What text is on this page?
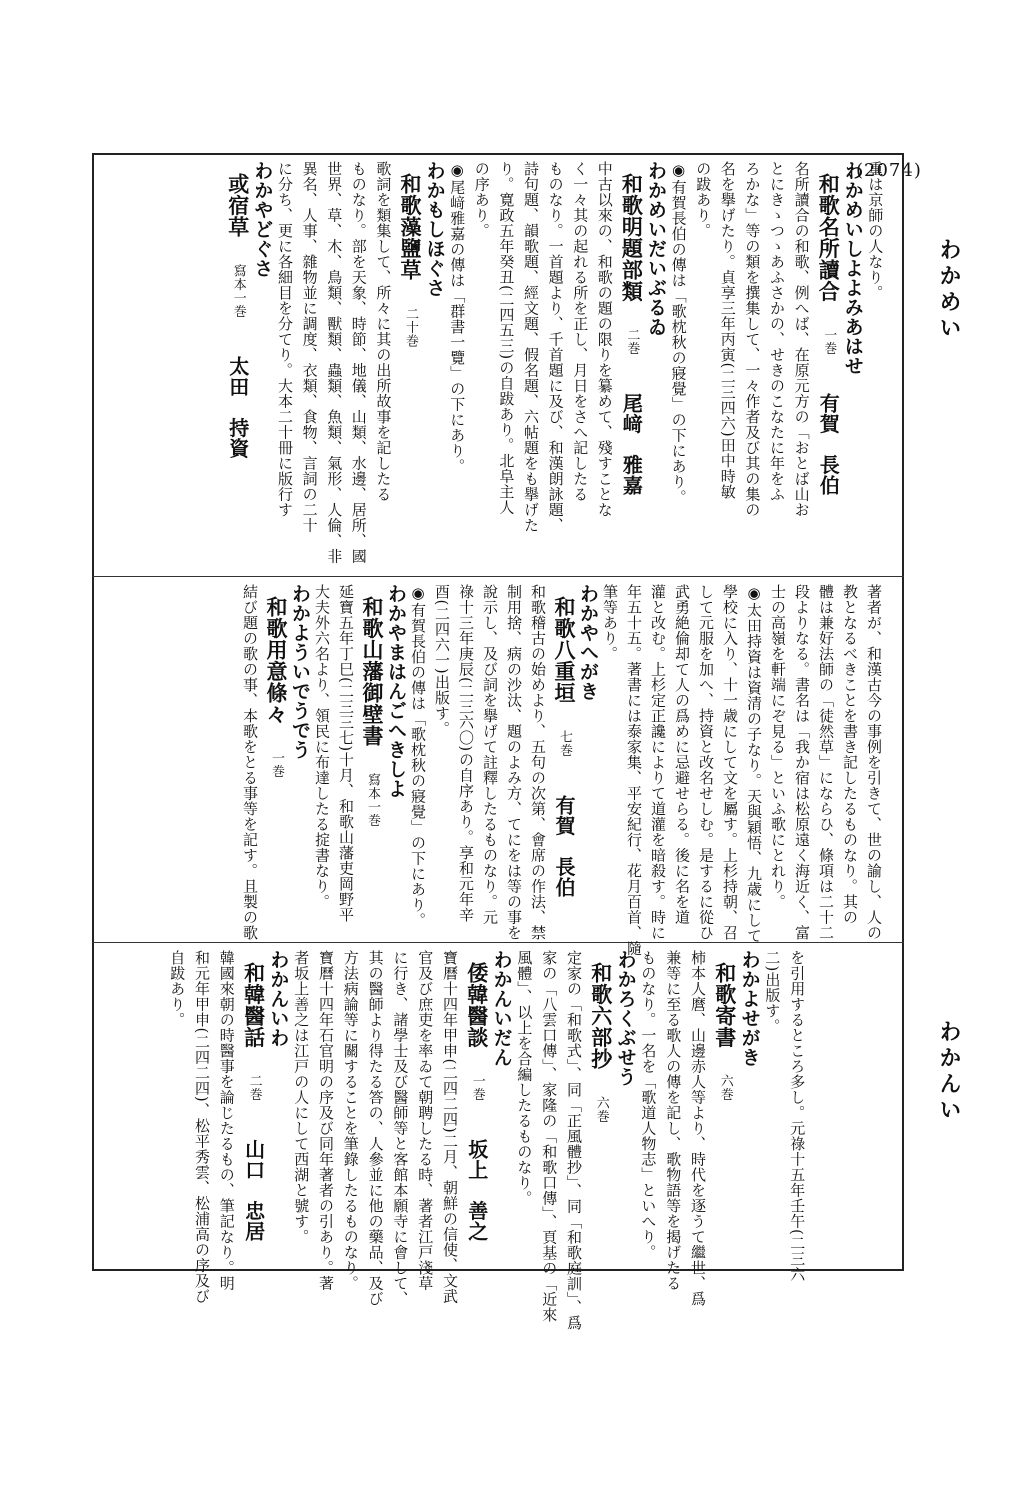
(2074)
わかめい
わかんい
重は京師の人なり。
わかめいしよよみあはせ
和歌名所讀合一巻有賀　長伯
名所讀合の和歌、例へば、在原元方の「おとば山お
とにきゝつゝあふさかの、せきのこなたに年をふ
ろかな」等の類を撰集して、一々作者及び其の集の
名を擧げたり。貞享三年丙寅(二三四六)田中時敏
の跋あり。
◉有賀長伯の傳は「歌枕秋の寢覺」の下にあり。
わかめいだいぶるゐ
和歌明題部類二巻尾﨑　雅嘉
中古以來の、和歌の題の限りを纂めて、殘すことな
く一々其の起れる所を正し、月日をさへ記したる
ものなり。一首題より、千首題に及び、和漢朗詠題、
詩句題、韻歌題、經文題、假名題、六帖題をも擧げた
り。寛政五年癸丑(二四五三)の自跋あり。北阜主人
の序あり。
◉尾﨑雅嘉の傳は「群書一覽」の下にあり。
わかもしほぐさ
和歌藻鹽草二十巻
歌詞を類集して、所々に其の出所故事を記したる
ものなり。部を天象、時節、地儀、山類、水邊、居所、國
世界、草、木、鳥類、獸類、蟲類、魚類、氣形、人倫、非
異名、人事、雜物並に調度、衣類、食物、言詞の二十
に分ち、更に各細目を分てり。大本二十冊に版行す
わかやどぐさ
或宿草寫本一巻太田　持資
著者が、和漢古今の事例を引きて、世の諭し、人の
教となるべきことを書き記したるものなり。其の
體は兼好法師の「徒然草」にならひ、條項は二十二
段よりなる。書名は「我か宿は松原遠く海近く、富
士の高嶺を軒端にぞ見る」といふ歌にとれり。
◉太田持資は資清の子なり。天與穎悟、九歳にして
學校に入り、十一歳にして文を屬す。上杉持朝、召
して元服を加へ、持資と改名せしむ。是するに從ひ
武勇絶倫却て人の爲めに忌避せらる。後に名を道
灌と改む。上杉定正讒によりて道灌を暗殺す。時に
年五十五。著書には泰家集、平安紀行、花月百首、隨
筆等あり。
わかやへがき
和歌八重垣七巻有賀　長伯
和歌稽古の始めより、五句の次第、會席の作法、禁
制用捨、病の沙汰、題のよみ方、てにをは等の事を
說示し、及び詞を擧げて註釋したるものなり。元
祿十三年庚辰(二三六〇)の自序あり。享和元年辛
酉(二四六一)出版す。
◉有賀長伯の傳は「歌枕秋の寢覺」の下にあり。
わかやまはんごへきしよ
和歌山藩御壁書寫本一巻
延寶五年丁巳(二三三七)十月、和歌山藩吏岡野平
大夫外六名より、領民に布達したる掟書なり。
わかよういでうでう
和歌用意條々一巻
結び題の歌の事、本歌をとる事等を記す。且製の歌
を引用するところ多し。元祿十五年壬午(二三六
二)出版す。
わかよせがき
和歌寄書六巻
柿本人麿、山邊赤人等より、時代を逐うて繼世、爲
兼等に至る歌人の傳を記し、歌物語等を揭げたる
ものなり。一名を「歌道人物志」といへり。
わかろくぶせう
和歌六部抄六巻
定家の「和歌式」、同「正風體抄」、同「和歌庭訓」、爲
家の「八雲口傳」、家隆の「和歌口傳」、頁基の「近來
風體」、以上を合編したるものなり。
わかんいだん
倭韓醫談一巻坂上　善之
寶曆十四年甲申(二四二四)二月、朝鮮の信使、文武
官及び庶吏を率ゐて朝聘したる時、著者江戸淺草
に行き、諸學士及び醫師等と客館本願寺に會して、
其の醫師より得たる答の、人參並に他の藥品、及び
方法病論等に關することを筆錄したるものなり。
寶曆十四年石官明の序及び同年著者の引あり。著
者坂上善之は江戸の人にして西湖と號す。
わかんいわ
和韓醫話二巻山口　忠居
韓國來朝の時醫事を論じたるもの、筆記なり。明
和元年甲申(二四二四)、松平秀雲、松浦高の序及び
自跋あり。
